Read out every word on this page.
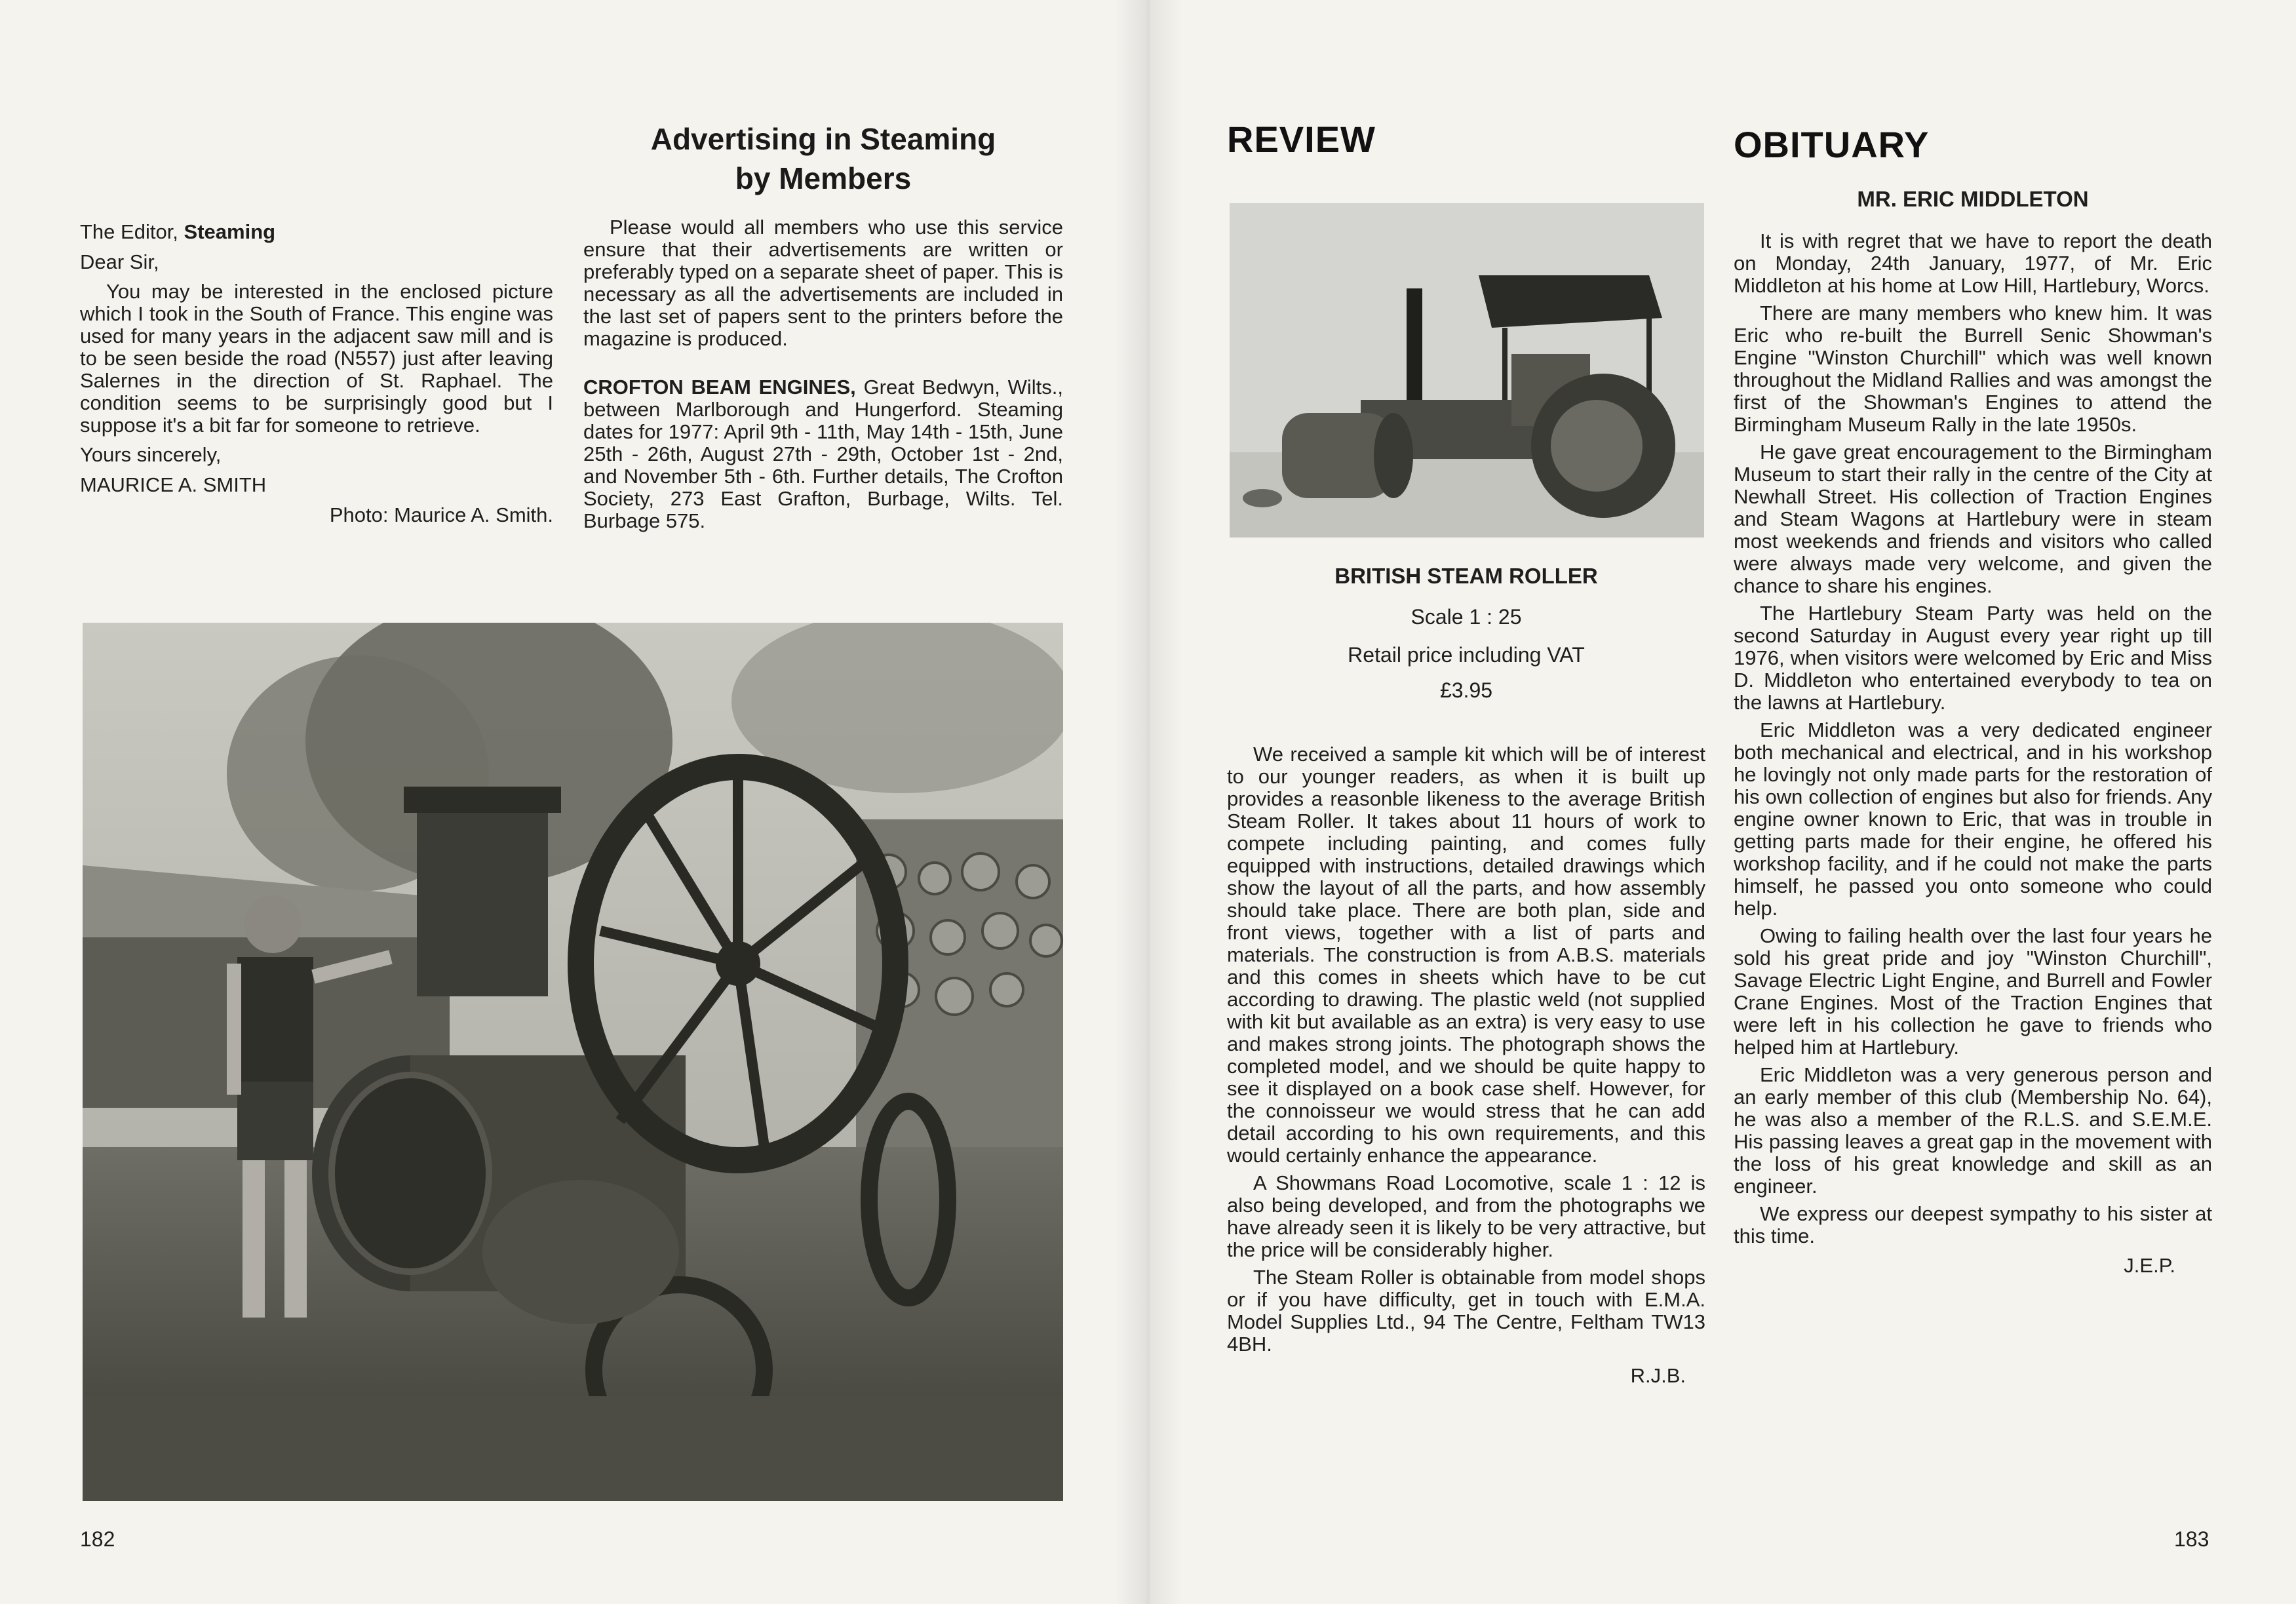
The Editor, Steaming

Dear Sir,

You may be interested in the enclosed picture which I took in the South of France. This engine was used for many years in the adjacent saw mill and is to be seen beside the road (N557) just after leaving Salernes in the direction of St. Raphael. The condition seems to be surprisingly good but I suppose it's a bit far for someone to retrieve.

Yours sincerely,

MAURICE A. SMITH

Photo: Maurice A. Smith.

Advertising in Steaming
by Members

Please would all members who use this service ensure that their advertisements are written or preferably typed on a separate sheet of paper. This is necessary as all the advertisements are included in the last set of papers sent to the printers before the magazine is produced.

CROFTON BEAM ENGINES, Great Bedwyn, Wilts., between Marlborough and Hungerford. Steaming dates for 1977: April 9th - 11th, May 14th - 15th, June 25th - 26th, August 27th - 29th, October 1st - 2nd, and November 5th - 6th. Further details, The Crofton Society, 273 East Grafton, Burbage, Wilts. Tel. Burbage 575.

182
REVIEW
BRITISH STEAM ROLLER
Scale 1 : 25
Retail price including VAT
£3.95

We received a sample kit which will be of interest to our younger readers, as when it is built up provides a reasonble likeness to the average British Steam Roller. It takes about 11 hours of work to compete including painting, and comes fully equipped with instructions, detailed drawings which show the layout of all the parts, and how assembly should take place. There are both plan, side and front views, together with a list of parts and materials. The construction is from A.B.S. materials and this comes in sheets which have to be cut according to drawing. The plastic weld (not supplied with kit but available as an extra) is very easy to use and makes strong joints. The photograph shows the completed model, and we should be quite happy to see it displayed on a book case shelf. However, for the connoisseur we would stress that he can add detail according to his own requirements, and this would certainly enhance the appearance.

A Showmans Road Locomotive, scale 1 : 12 is also being developed, and from the photographs we have already seen it is likely to be very attractive, but the price will be considerably higher.

The Steam Roller is obtainable from model shops or if you have difficulty, get in touch with E.M.A. Model Supplies Ltd., 94 The Centre, Feltham TW13 4BH.

R.J.B.
OBITUARY
MR. ERIC MIDDLETON

It is with regret that we have to report the death on Monday, 24th January, 1977, of Mr. Eric Middleton at his home at Low Hill, Hartlebury, Worcs.

There are many members who knew him. It was Eric who re-built the Burrell Senic Showman's Engine "Winston Churchill" which was well known throughout the Midland Rallies and was amongst the first of the Showman's Engines to attend the Birmingham Museum Rally in the late 1950s.

He gave great encouragement to the Birmingham Museum to start their rally in the centre of the City at Newhall Street. His collection of Traction Engines and Steam Wagons at Hartlebury were in steam most weekends and friends and visitors who called were always made very welcome, and given the chance to share his engines.

The Hartlebury Steam Party was held on the second Saturday in August every year right up till 1976, when visitors were welcomed by Eric and Miss D. Middleton who entertained everybody to tea on the lawns at Hartlebury.

Eric Middleton was a very dedicated engineer both mechanical and electrical, and in his workshop he lovingly not only made parts for the restoration of his own collection of engines but also for friends. Any engine owner known to Eric, that was in trouble in getting parts made for their engine, he offered his workshop facility, and if he could not make the parts himself, he passed you onto someone who could help.

Owing to failing health over the last four years he sold his great pride and joy "Winston Churchill", Savage Electric Light Engine, and Burrell and Fowler Crane Engines. Most of the Traction Engines that were left in his collection he gave to friends who helped him at Hartlebury.

Eric Middleton was a very generous person and an early member of this club (Membership No. 64), he was also a member of the R.L.S. and S.E.M.E. His passing leaves a great gap in the movement with the loss of his great knowledge and skill as an engineer.

We express our deepest sympathy to his sister at this time.

J.E.P.
183
